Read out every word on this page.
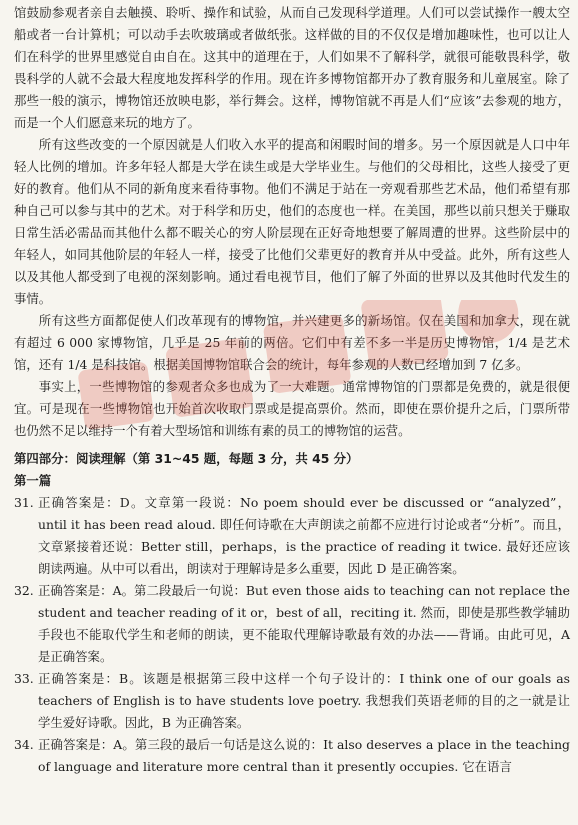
馆鼓励参观者亲自去触摸、聆听、操作和试验，从而自己发现科学道理。人们可以尝试操作一艘太空船或者一台计算机；可以动手去吹玻璃或者做纸张。这样做的目的不仅仅是增加趣味性，也可以让人们在科学的世界里感觉自由自在。这其中的道理在于，人们如果不了解科学，就很可能敬畏科学，敬畏科学的人就不会最大程度地发挥科学的作用。现在许多博物馆都开办了教育服务和儿童展室。除了那些一般的演示，博物馆还放映电影，举行舞会。这样，博物馆就不再是人们“应该”去参观的地方，而是一个人们愿意来玩的地方了。

所有这些改变的一个原因就是人们收入水平的提高和闲暇时间的增多。另一个原因就是人口中年轻人比例的增加。许多年轻人都是大学在读生或是大学毕业生。与他们的父母相比，这些人接受了更好的教育。他们从不同的新角度来看待事物。他们不满足于站在一旁观看那些艺术品，他们希望有那种自己可以参与其中的艺术。对于科学和历史，他们的态度也一样。在美国，那些以前只想关于赚取日常生活必需品而其他什么都不暇关心的穷人阶层现在正好奇地想要了解周遭的世界。这些阶层中的年轻人，如同其他阶层的年轻人一样，接受了比他们父辈更好的教育并从中受益。此外，所有这些人以及其他人都受到了电视的深刻影响。通过看电视节目，他们了解了外面的世界以及其他时代发生的事情。

所有这些方面都促使人们改革现有的博物馆，并兴建更多的新场馆。仅在美国和加拿大，现在就有超过 6 000 家博物馆，几乎是 25 年前的两倍。它们中有差不多一半是历史博物馆，1/4 是艺术馆，还有 1/4 是科技馆。根据美国博物馆联合会的统计，每年参观的人数已经增加到 7 亿多。

事实上，一些博物馆的参观者众多也成为了一大难题。通常博物馆的门票都是免费的，就是很便宜。可是现在一些博物馆也开始首次收取门票或是提高票价。然而，即使在票价提升之后，门票所带也仍然不足以维持一个有着大型场馆和训练有素的员工的博物馆的运营。

第四部分：阅读理解（第 31~45 题，每题 3 分，共 45 分）
第一篇
31. 正确答案是：D。文章第一段说：No poem should ever be discussed or “analyzed”，until it has been read aloud. 即任何诗歌在大声朗读之前都不应进行讨论或者“分析”。而且，文章紧接着还说：Better still，perhaps，is the practice of reading it twice. 最好还应该朗读两遍。从中可以看出，朗读对于理解诗是多么重要，因此 D 是正确答案。
32. 正确答案是：A。第二段最后一句说：But even those aids to teaching can not replace the student and teacher reading of it or，best of all，reciting it. 然而，即使是那些教学辅助手段也不能取代学生和老师的朗读，更不能取代理解诗歌最有效的办法——背诵。由此可见，A 是正确答案。
33. 正确答案是：B。该题是根据第三段中这样一个句子设计的：I think one of our goals as teachers of English is to have students love poetry. 我想我们英语老师的目的之一就是让学生爱好诗歌。因此，B 为正确答案。
34. 正确答案是：A。第三段的最后一句话是这么说的：It also deserves a place in the teaching of language and literature more central than it presently occupies. 它在语言
